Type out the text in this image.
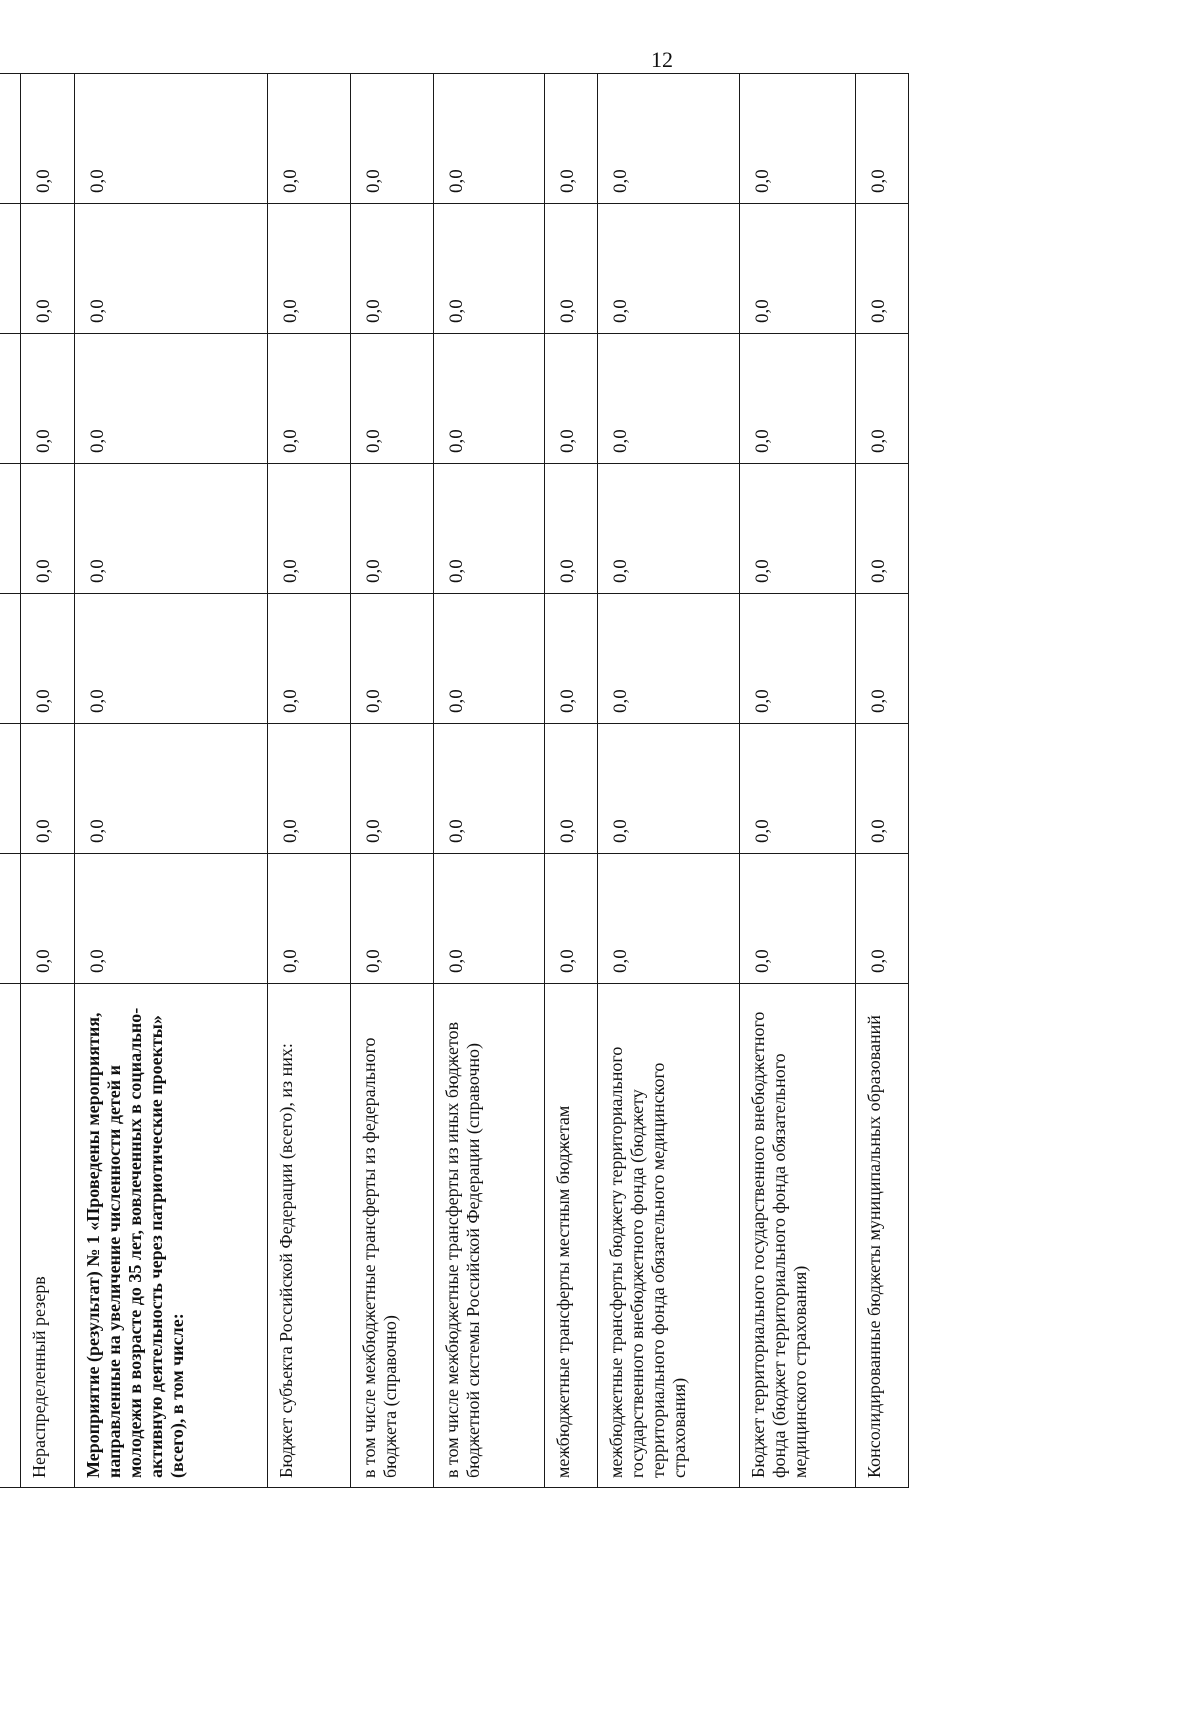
12

Нераспределенный резерв	0,0	0,0	0,0	0,0	0,0	0,0	0,0
Мероприятие (результат) № 1 «Проведены мероприятия, направленные на увеличение численности детей и молодежи в возрасте до 35 лет, вовлеченных в социально-активную деятельность через патриотические проекты» (всего), в том числе:	0,0	0,0	0,0	0,0	0,0	0,0	0,0
Бюджет субъекта Российской Федерации (всего), из них:	0,0	0,0	0,0	0,0	0,0	0,0	0,0
в том числе межбюджетные трансферты из федерального бюджета (справочно)	0,0	0,0	0,0	0,0	0,0	0,0	0,0
в том числе межбюджетные трансферты из иных бюджетов бюджетной системы Российской Федерации (справочно)	0,0	0,0	0,0	0,0	0,0	0,0	0,0
межбюджетные трансферты местным бюджетам	0,0	0,0	0,0	0,0	0,0	0,0	0,0
межбюджетные трансферты бюджету территориального государственного внебюджетного фонда (бюджету территориального фонда обязательного медицинского страхования)	0,0	0,0	0,0	0,0	0,0	0,0	0,0
Бюджет территориального государственного внебюджетного фонда (бюджет территориального фонда обязательного медицинского страхования)	0,0	0,0	0,0	0,0	0,0	0,0	0,0
Консолидированные бюджеты муниципальных образований	0,0	0,0	0,0	0,0	0,0	0,0	0,0
